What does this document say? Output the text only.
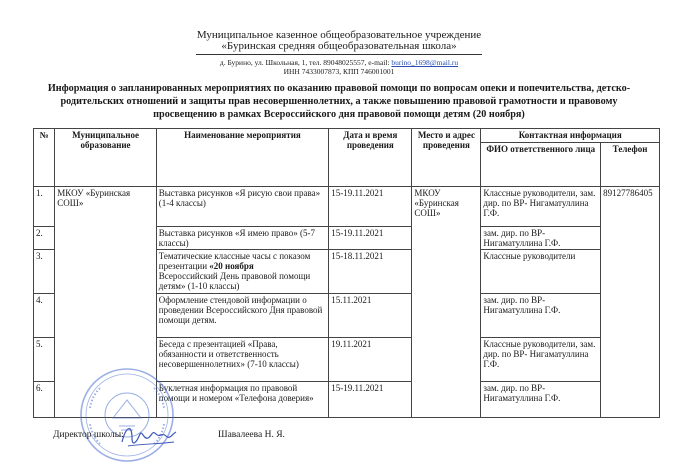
Муниципальное казенное общеобразовательное учреждение
«Буринская средняя общеобразовательная школа»
д. Бурино, ул. Школьная, 1, тел. 89048025557, e-mail: burino_1698@mail.ru
ИНН 7433007873, КПП 746001001
Информация о запланированных мероприятиях по оказанию правовой помощи по вопросам опеки и попечительства, детско-родительских отношений и защиты прав несовершеннолетних, а также повышению правовой грамотности и правовому просвещению в рамках Всероссийского дня правовой помощи детям (20 ноября)
№	Муниципальное образование	Наименование мероприятия	Дата и время проведения	Место и адрес проведения	Контактная информация	
					ФИО ответственного лица	Телефон
1.	МКОУ «Буринская СОШ»	Выставка рисунков «Я рисую свои права» (1-4 классы)	15-19.11.2021	МКОУ «Буринская СОШ»	Классные руководители, зам. дир. по ВР- Нигаматуллина Г.Ф.	89127786405
2.		Выставка рисунков «Я имею право» (5-7 классы)	15-19.11.2021		зам. дир. по ВР- Нигаматуллина Г.Ф.	
3.		Тематические классные часы с показом презентации «20 ноября
Всероссийский День правовой помощи детям» (1-10 классы)	15-18.11.2021		Классные руководители	
4.		Оформление стендовой информации о проведении Всероссийского Дня правовой помощи детям.	15.11.2021		зам. дир. по ВР- Нигаматуллина Г.Ф.	
5.		Беседа с презентацией «Права, обязанности и ответственность несовершеннолетних» (7-10 классы)	19.11.2021		Классные руководители, зам. дир. по ВР- Нигаматуллина Г.Ф.	
6.		Буклетная информация по правовой помощи и номером «Телефона доверия»	15-19.11.2021		зам. дир. по ВР- Нигаматуллина Г.Ф.	
Директор школы:	Шавалеева Н. Я.
